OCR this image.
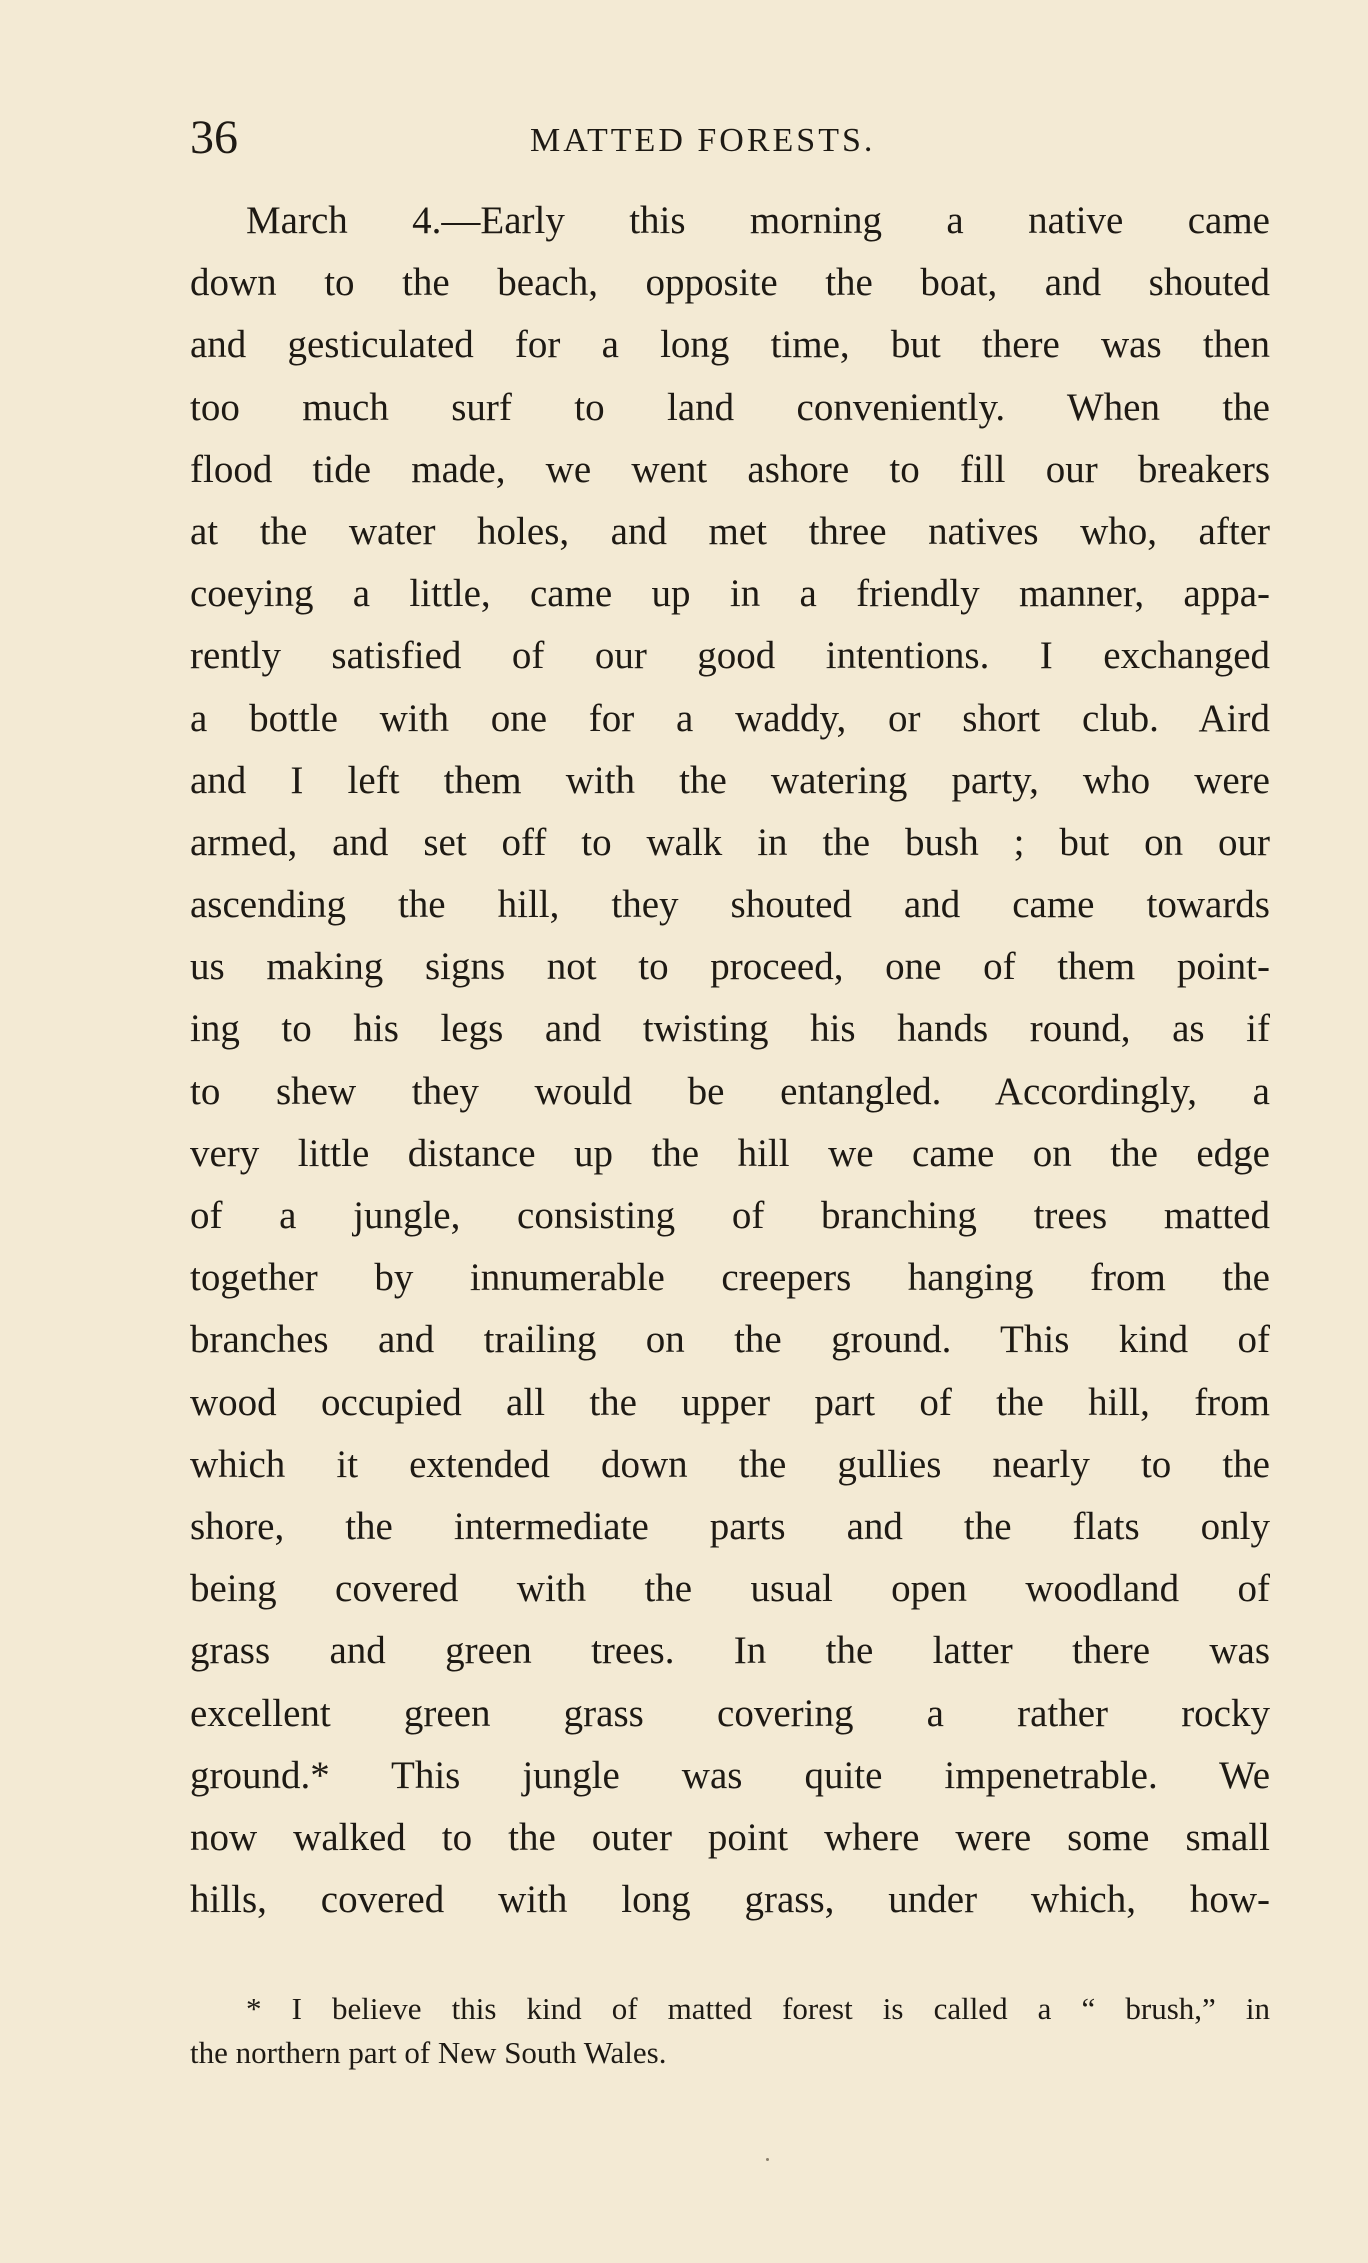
36	MATTED FORESTS.
March 4.—Early this morning a native came
down to the beach, opposite the boat, and shouted
and gesticulated for a long time, but there was then
too much surf to land conveniently. When the
flood tide made, we went ashore to fill our breakers
at the water holes, and met three natives who, after
coeying a little, came up in a friendly manner, appa-
rently satisfied of our good intentions. I exchanged
a bottle with one for a waddy, or short club. Aird
and I left them with the watering party, who were
armed, and set off to walk in the bush ; but on our
ascending the hill, they shouted and came towards
us making signs not to proceed, one of them point-
ing to his legs and twisting his hands round, as if
to shew they would be entangled. Accordingly, a
very little distance up the hill we came on the edge
of a jungle, consisting of branching trees matted
together by innumerable creepers hanging from the
branches and trailing on the ground. This kind of
wood occupied all the upper part of the hill, from
which it extended down the gullies nearly to the
shore, the intermediate parts and the flats only
being covered with the usual open woodland of
grass and green trees. In the latter there was
excellent green grass covering a rather rocky
ground.* This jungle was quite impenetrable. We
now walked to the outer point where were some small
hills, covered with long grass, under which, how-
* I believe this kind of matted forest is called a “ brush,” in
the northern part of New South Wales.
